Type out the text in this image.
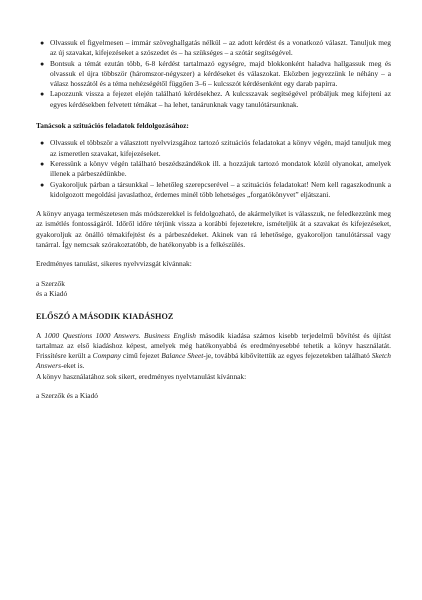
● Olvassuk el figyelmesen – immár szöveghallgatás nélkül – az adott kérdést és a vonatkozó választ. Tanuljuk meg az új szavakat, kifejezéseket a szószedet és – ha szükséges – a szótár segítségével.
● Bontsuk a témát ezután több, 6-8 kérdést tartalmazó egységre, majd blokkonként haladva hallgassuk meg és olvassuk el újra többször (háromszor-négyszer) a kérdéseket és válaszokat. Eközben jegyezzünk le néhány – a válasz hosszától és a téma nehézségétől függően 3–6 – kulcsszót kérdésenként egy darab papírra.
● Lapozzunk vissza a fejezet elején található kérdésekhez. A kulcsszavak segítségével próbáljuk meg kifejteni az egyes kérdésekben felvetett témákat – ha lehet, tanárunknak vagy tanulótársunknak.

Tanácsok a szituációs feladatok feldolgozásához:

● Olvassuk el többször a választott nyelvvizsgához tartozó szituációs feladatokat a könyv végén, majd tanuljuk meg az ismeretlen szavakat, kifejezéseket.
● Keressünk a könyv végén található beszédszándékok ill. a hozzájuk tartozó mondatok közül olyanokat, amelyek illenek a párbeszédünkbe.
● Gyakoroljuk párban a társunkkal – lehetőleg szerepcserével – a szituációs feladatokat! Nem kell ragaszkodnunk a kidolgozott megoldási javaslathoz, érdemes minél több lehetséges „forgatókönyvet” eljátszani.

A könyv anyaga természetesen más módszerekkel is feldolgozható, de akármelyiket is válasszuk, ne feledkezzünk meg az ismétlés fontosságáról. Időről időre térjünk vissza a korábbi fejezetekre, ismételjük át a szavakat és kifejezéseket, gyakoroljuk az önálló témakifejtést és a párbeszédeket. Akinek van rá lehetősége, gyakoroljon tanulótárssal vagy tanárral. Így nemcsak szórakoztatóbb, de hatékonyabb is a felkészülés.

Eredményes tanulást, sikeres nyelvvizsgát kívánnak:

a Szerzők

és a Kiadó

ELŐSZÓ A MÁSODIK KIADÁSHOZ

A 1000 Questions 1000 Answers. Business English második kiadása számos kisebb terjedelmű bővítést és újítást tartalmaz az első kiadáshoz képest, amelyek még hatékonyabbá és eredményesebbé tehetik a könyv használatát. Frissítésre került a Company című fejezet Balance Sheet-je, továbbá kibővítettük az egyes fejezetekben található Sketch Answers-eket is.

A könyv használatához sok sikert, eredményes nyelvtanulást kívánnak:

a Szerzők és a Kiadó
